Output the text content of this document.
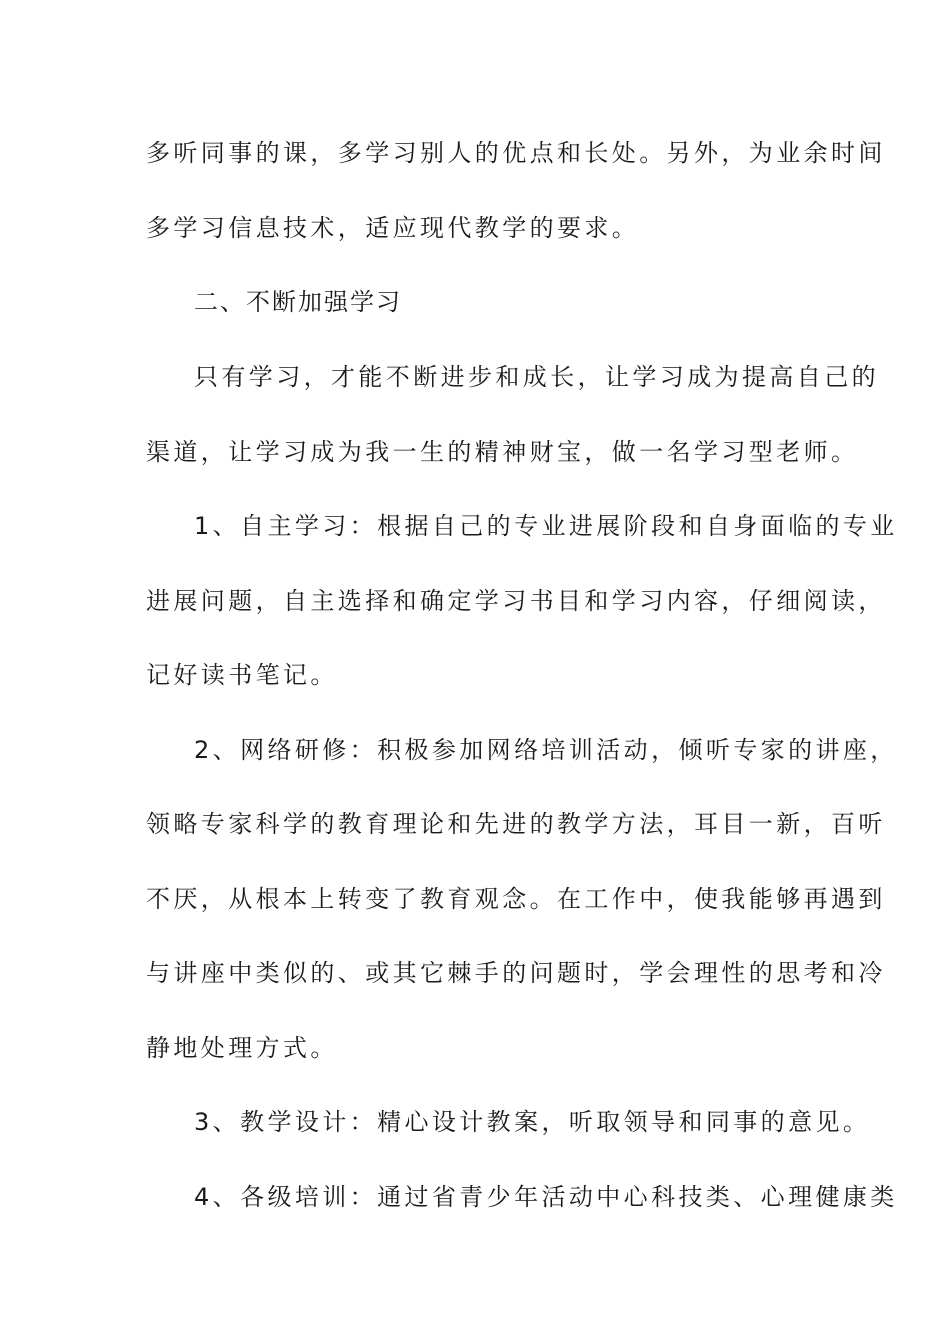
多听同事的课，多学习别人的优点和长处。另外，为业余时间
多学习信息技术，适应现代教学的要求。
二、不断加强学习
只有学习，才能不断进步和成长，让学习成为提高自己的
渠道，让学习成为我一生的精神财宝，做一名学习型老师。
1、自主学习：根据自己的专业进展阶段和自身面临的专业
进展问题，自主选择和确定学习书目和学习内容，仔细阅读，
记好读书笔记。
2、网络研修：积极参加网络培训活动，倾听专家的讲座，
领略专家科学的教育理论和先进的教学方法，耳目一新，百听
不厌，从根本上转变了教育观念。在工作中，使我能够再遇到
与讲座中类似的、或其它棘手的问题时，学会理性的思考和冷
静地处理方式。
3、教学设计：精心设计教案，听取领导和同事的意见。
4、各级培训：通过省青少年活动中心科技类、心理健康类
